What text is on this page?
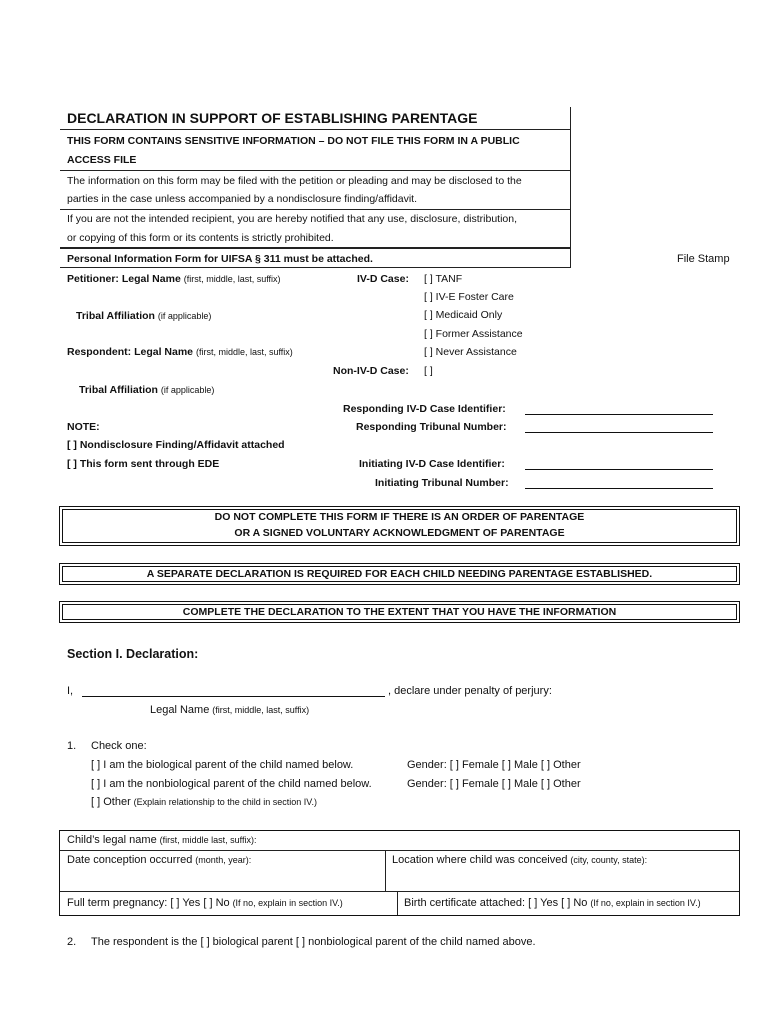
DECLARATION IN SUPPORT OF ESTABLISHING PARENTAGE
THIS FORM CONTAINS SENSITIVE INFORMATION – DO NOT FILE THIS FORM IN A PUBLIC
ACCESS FILE
The information on this form may be filed with the petition or pleading and may be disclosed to the
parties in the case unless accompanied by a nondisclosure finding/affidavit.
If you are not the intended recipient, you are hereby notified that any use, disclosure, distribution,
or copying of this form or its contents is strictly prohibited.
Personal Information Form for UIFSA § 311 must be attached.	File Stamp
Petitioner: Legal Name (first, middle, last, suffix)
Tribal Affiliation (if applicable)
Respondent: Legal Name (first, middle, last, suffix)
Tribal Affiliation (if applicable)
IV-D Case: [ ] TANF
[ ] IV-E Foster Care
[ ] Medicaid Only
[ ] Former Assistance
[ ] Never Assistance
Non-IV-D Case: [ ]
Responding IV-D Case Identifier:
Responding Tribunal Number:
Initiating IV-D Case Identifier:
Initiating Tribunal Number:
NOTE:
[ ] Nondisclosure Finding/Affidavit attached
[ ] This form sent through EDE
DO NOT COMPLETE THIS FORM IF THERE IS AN ORDER OF PARENTAGE
OR A SIGNED VOLUNTARY ACKNOWLEDGMENT OF PARENTAGE
A SEPARATE DECLARATION IS REQUIRED FOR EACH CHILD NEEDING PARENTAGE ESTABLISHED.
COMPLETE THE DECLARATION TO THE EXTENT THAT YOU HAVE THE INFORMATION
Section I. Declaration:
I,	, declare under penalty of perjury:
Legal Name (first, middle, last, suffix)
1. Check one:
[ ] I am the biological parent of the child named below.	Gender: [ ] Female [ ] Male [ ] Other
[ ] I am the nonbiological parent of the child named below.	Gender: [ ] Female [ ] Male [ ] Other
[ ] Other (Explain relationship to the child in section IV.)
Child’s legal name (first, middle last, suffix):
Date conception occurred (month, year):	Location where child was conceived (city, county, state):
Full term pregnancy: [ ] Yes [ ] No (If no, explain in section IV.)	Birth certificate attached: [ ] Yes [ ] No (If no, explain in section IV.)
2. The respondent is the [ ] biological parent [ ] nonbiological parent of the child named above.
